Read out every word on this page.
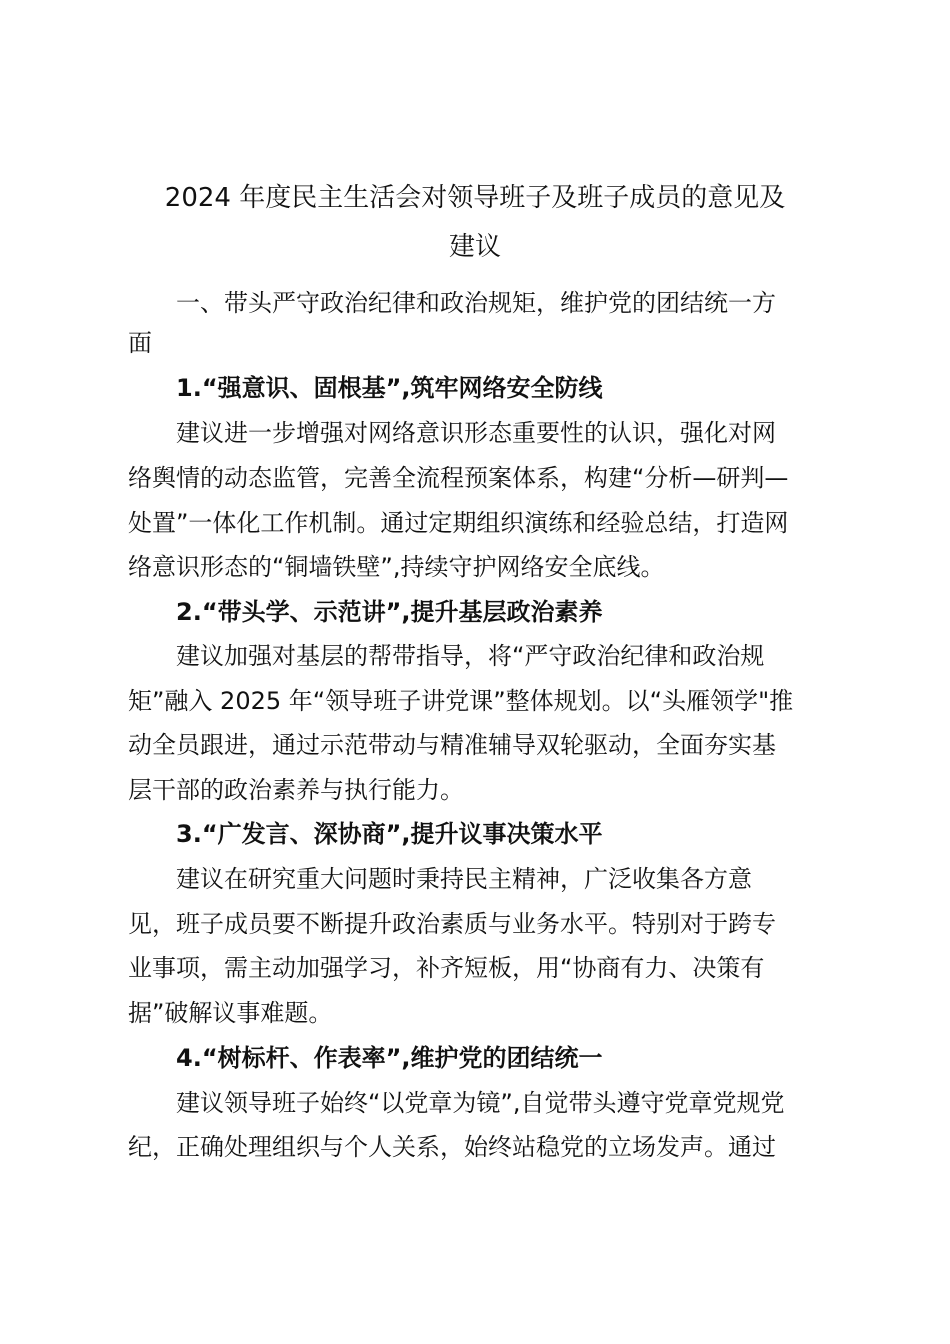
2024 年度民主生活会对领导班子及班子成员的意见及
建议

一、带头严守政治纪律和政治规矩，维护党的团结统一方

面

1.“强意识、固根基”,筑牢网络安全防线

建议进一步增强对网络意识形态重要性的认识，强化对网

络舆情的动态监管，完善全流程预案体系，构建“分析—研判—

处置”一体化工作机制。通过定期组织演练和经验总结，打造网

络意识形态的“铜墙铁壁”,持续守护网络安全底线。

2.“带头学、示范讲”,提升基层政治素养

建议加强对基层的帮带指导，将“严守政治纪律和政治规

矩”融入 2025 年“领导班子讲党课”整体规划。以“头雁领学"推

动全员跟进，通过示范带动与精准辅导双轮驱动，全面夯实基

层干部的政治素养与执行能力。

3.“广发言、深协商”,提升议事决策水平

建议在研究重大问题时秉持民主精神，广泛收集各方意

见，班子成员要不断提升政治素质与业务水平。特别对于跨专

业事项，需主动加强学习，补齐短板，用“协商有力、决策有

据”破解议事难题。

4.“树标杆、作表率”,维护党的团结统一

建议领导班子始终“以党章为镜”,自觉带头遵守党章党规党

纪，正确处理组织与个人关系，始终站稳党的立场发声。通过
